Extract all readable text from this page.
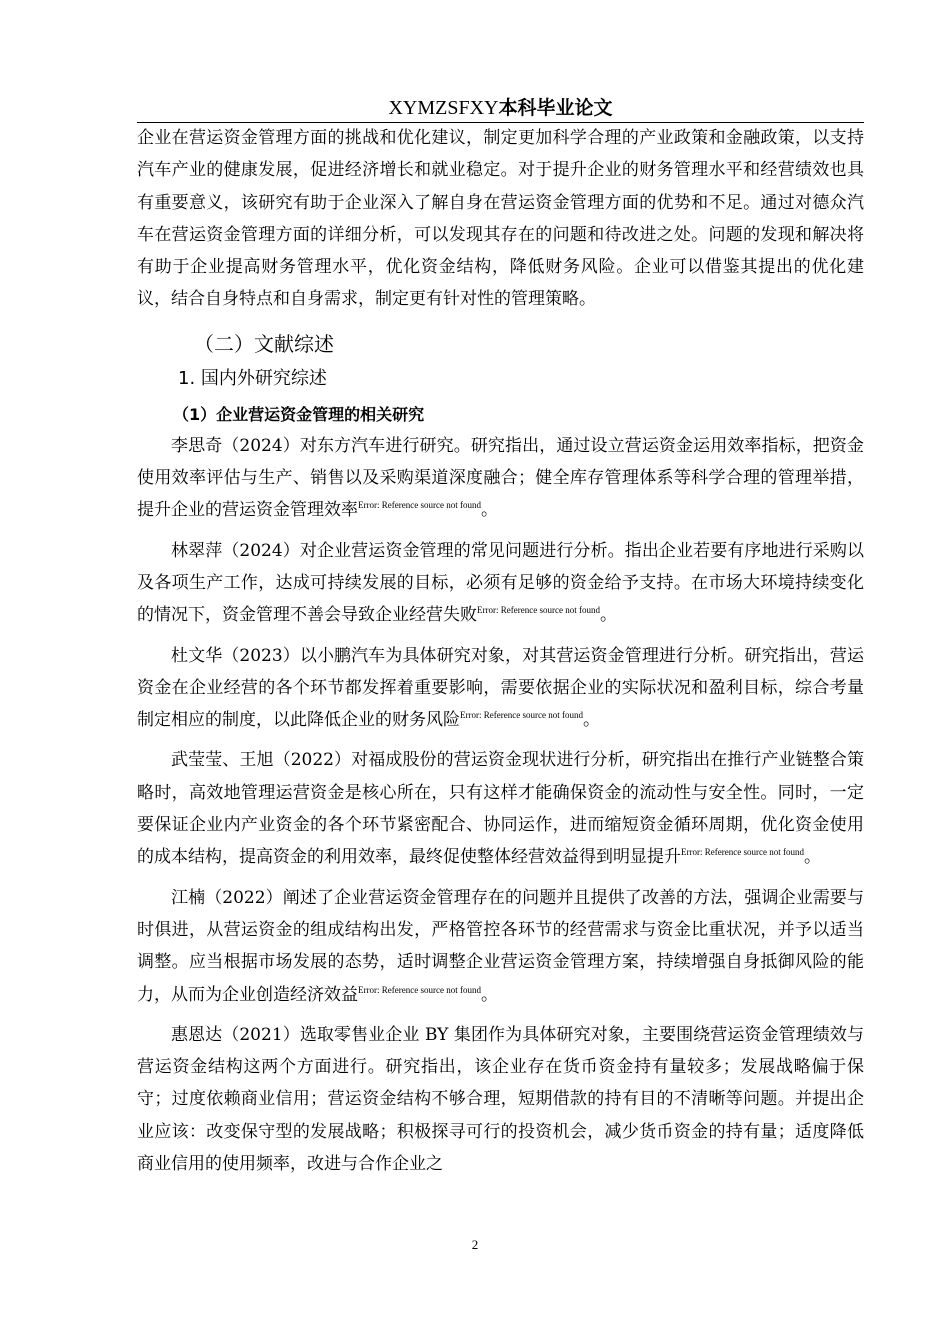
XYMZSFXY本科毕业论文

企业在营运资金管理方面的挑战和优化建议，制定更加科学合理的产业政策和金融政策，以支持汽车产业的健康发展，促进经济增长和就业稳定。对于提升企业的财务管理水平和经营绩效也具有重要意义，该研究有助于企业深入了解自身在营运资金管理方面的优势和不足。通过对德众汽车在营运资金管理方面的详细分析，可以发现其存在的问题和待改进之处。问题的发现和解决将有助于企业提高财务管理水平，优化资金结构，降低财务风险。企业可以借鉴其提出的优化建议，结合自身特点和自身需求，制定更有针对性的管理策略。

（二）文献综述
1. 国内外研究综述
（1）企业营运资金管理的相关研究

李思奇（2024）对东方汽车进行研究。研究指出，通过设立营运资金运用效率指标，把资金使用效率评估与生产、销售以及采购渠道深度融合；健全库存管理体系等科学合理的管理举措，提升企业的营运资金管理效率$^{Error: Reference source not found}$。

林翠萍（2024）对企业营运资金管理的常见问题进行分析。指出企业若要有序地进行采购以及各项生产工作，达成可持续发展的目标，必须有足够的资金给予支持。在市场大环境持续变化的情况下，资金管理不善会导致企业经营失败$^{Error: Reference source not found}$。

杜文华（2023）以小鹏汽车为具体研究对象，对其营运资金管理进行分析。研究指出，营运资金在企业经营的各个环节都发挥着重要影响，需要依据企业的实际状况和盈利目标，综合考量制定相应的制度，以此降低企业的财务风险$^{Error: Reference source not found}$。

武莹莹、王旭（2022）对福成股份的营运资金现状进行分析，研究指出在推行产业链整合策略时，高效地管理运营资金是核心所在，只有这样才能确保资金的流动性与安全性。同时，一定要保证企业内产业资金的各个环节紧密配合、协同运作，进而缩短资金循环周期，优化资金使用的成本结构，提高资金的利用效率，最终促使整体经营效益得到明显提升$^{Error: Reference source not found}$。

江楠（2022）阐述了企业营运资金管理存在的问题并且提供了改善的方法，强调企业需要与时俱进，从营运资金的组成结构出发，严格管控各环节的经营需求与资金比重状况，并予以适当调整。应当根据市场发展的态势，适时调整企业营运资金管理方案，持续增强自身抵御风险的能力，从而为企业创造经济效益$^{Error: Reference source not found}$。

惠恩达（2021）选取零售业企业 BY 集团作为具体研究对象，主要围绕营运资金管理绩效与营运资金结构这两个方面进行。研究指出，该企业存在货币资金持有量较多；发展战略偏于保守；过度依赖商业信用；营运资金结构不够合理，短期借款的持有目的不清晰等问题。并提出企业应该：改变保守型的发展战略；积极探寻可行的投资机会，减少货币资金的持有量；适度降低商业信用的使用频率，改进与合作企业之

2
